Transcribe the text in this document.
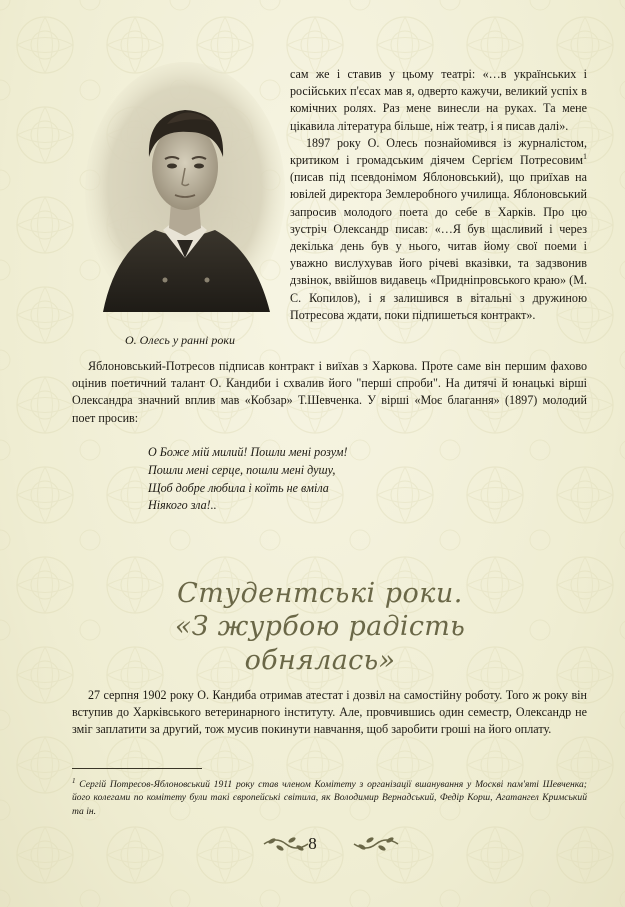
О. Олесь у ранні роки

сам же і ставив у цьому театрі: «…в українських і російських п'єсах мав я, одверто кажучи, великий успіх в комічних ролях. Раз мене винесли на руках. Та мене цікавила література більше, ніж театр, і я писав далі».

1897 року О. Олесь познайомився із журналістом, критиком і громадським діячем Сергієм Потресовим$^1$ (писав під псевдонімом Яблоновський), що приїхав на ювілей директора Землеробного училища. Яблоновський запросив молодого поета до себе в Харків. Про цю зустріч Олександр писав: «…Я був щасливий і через декілька день був у нього, читав йому свої поеми і уважно вислухував його річеві вказівки, та задзвонив дзвінок, ввійшов видавець «Придніпровського краю» (М. С. Копилов), і я залишився в вітальні з дружиною Потресова ждати, поки підпишеться контракт».

Яблоновський-Потресов підписав контракт і виїхав з Харкова. Проте саме він першим фахово оцінив поетичний талант О. Кандиби і схвалив його "перші спроби". На дитячі й юнацькі вірші Олександра значний вплив мав «Кобзар» Т.Шевченка. У вірші «Моє благання» (1897) молодий поет просив:

О Боже мій милий! Пошли мені розум!
Пошли мені серце, пошли мені душу,
Щоб добре любила і коїть не вміла
Ніякого зла!..
Студентські роки.
«З журбою радість обнялась»

27 серпня 1902 року О. Кандиба отримав атестат і дозвіл на самостійну роботу. Того ж року він вступив до Харківського ветеринарного інституту. Але, провчившись один семестр, Олександр не зміг заплатити за другий, тож мусив покинути навчання, щоб заробити гроші на його оплату.

$^1$ Сергій Потресов-Яблоновський 1911 року став членом Комітету з організації вшанування у Москві пам'яті Шевченка; його колегами по комітету були такі європейські світила, як Володимир Вернадський, Федір Корш, Агатангел Кримський та ін.
8
